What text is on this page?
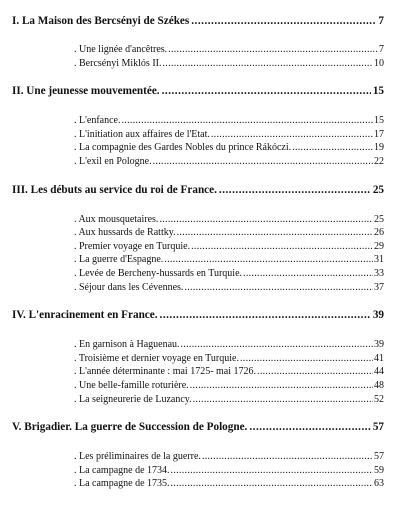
I. La Maison des Bercsényi de Székes .....	7
. Une lignée d'ancêtres. .....	7
. Bercsényi Miklós II. .....	10
II. Une jeunesse mouvementée. .....	15
. L'enfance. .....	15
. L'initiation aux affaires de l'Etat. .....	17
. La compagnie des Gardes Nobles du prince Rákóczi. .....	19
. L'exil en Pologne. .....	22
III. Les débuts au service du roi de France. .....	25
. Aux mousquetaires. .....	25
. Aux hussards de Rattky. .....	26
. Premier voyage en Turquie. .....	29
. La guerre d'Espagne. .....	31
. Levée de Bercheny-hussards en Turquie. .....	33
. Séjour dans les Cévennes. .....	37
IV. L'enracinement en France. .....	39
. En garnison à Haguenau. .....	39
. Troisième et dernier voyage en Turquie. .....	41
. L'année déterminante : mai 1725- mai 1726. .....	44
. Une belle-famille roturière. .....	48
. La seigneurerie de Luzancy. .....	52
V. Brigadier. La guerre de Succession de Pologne. .....	57
. Les préliminaires de la guerre. .....	57
. La campagne de 1734. .....	59
. La campagne de 1735. .....	63
